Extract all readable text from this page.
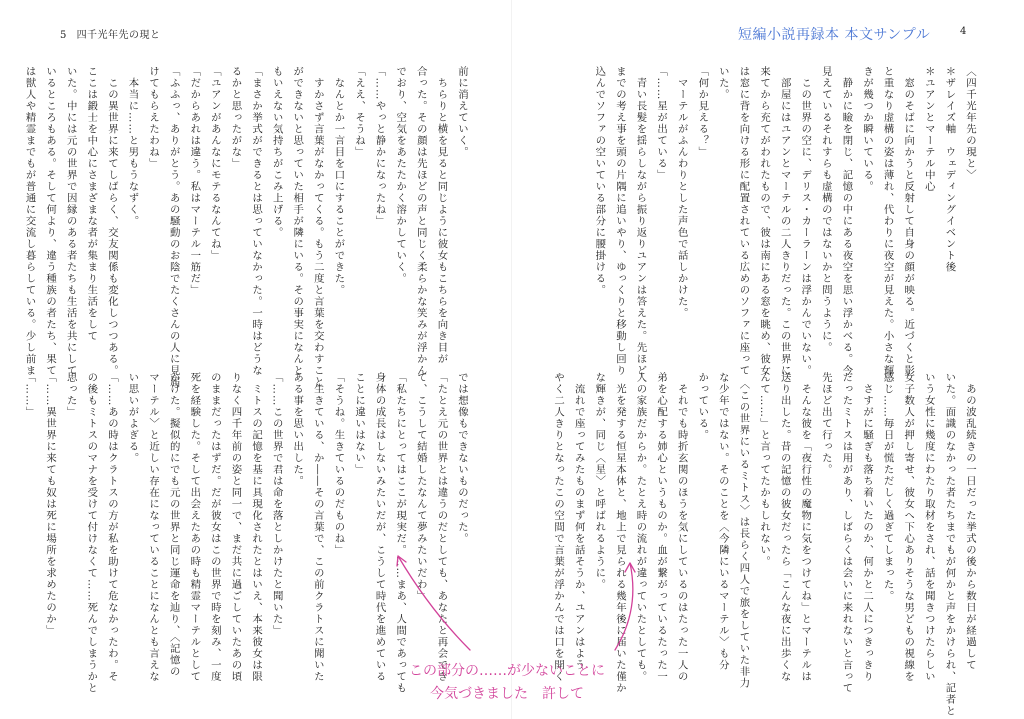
5 四千光年先の現と	短編小説再録本 本文サンプル	4
前に消えていく。
　ちらりと横を見ると同じように彼女もこちらを向き目が
合った。その顔は先ほどの声と同じく柔らかな笑みが浮かん
でおり、空気をあたたかく溶かしていく。
「……やっと静かになったね」
「ええ、そうね」
　なんとか一言目を口にすることができた。
　すかさず言葉がなかってくる。もう二度と言葉を交わすこと
ができないと思っていた相手が隣にいる。その事実になんと
もいえない気持ちがこみ上げる。
「まさか挙式ができるとは思っていなかった。一時はどうな
るかと思ったがな」
「ユアンがあんなにモテるなんてね」
「だからあれは違う。私はマーテル一筋だ」
「ふふっ、ありがとう。あの騒動のお陰でたくさんの人に見届
けてもらえたわね」
　本当に……と男もうなずく。
　この異世界に来てしばらく、交友関係も変化しつつある。
ここは鍛士を中心にさまざまな者が集まり生活をして
いた。中には元の世界で因縁のある者たちも生活を共にして
いるところもある。そして何より、違う種族の者たち、果て
は獣人や精霊までもが普通に交流し暮らしている。少し前ま
では想像もできないものだった。
「たとえ元の世界とは違うのだとしても、あなたと再会でき
て、こうして結婚したなんて夢みたいだわ」
「私たちにとってはここが現実だ。……まあ、人間であっても
身体の成長はしないみたいだが、こうして時代を進めている
ことに違いはない」
「そうね。生きているのだものね」
　生きている、か――その言葉で、この前クラトスに聞いた
ある事を思い出した。
「……この世界で君は命を落としかけたと聞いた」
　ミトスの記憶を基に具現化されたとはいえ、本来彼女は限
りなく四千年前の姿と同一で、まだ共に過ごしていたあの頃
のままだったはずだ。だが彼女はこの世界で時を刻み、一度
死を経験した。そして出会えたあの時も精霊マーテルとして
かけた。擬似的にでも元の世界と同じ運命を辿り、〈記憶の
マーテル〉と近しい存在になっていることになんとも言えな
い思いがよぎる。
「……あの時はクラトスの方が私を助けて危なかったわ。そ
の後もミトスのマナを受けて付けなくて……死んでしまうかと
思った」
「……異世界に来ても奴は死に場所を求めたのか」
「……」
〈四千光年先の現と〉
＊ザレイズ軸　ウェディングイベント後
＊ユアンとマーテル中心
　窓のそばに向かうと反射して自身の顔が映る。近づくと影
と重なり虚構の姿は薄れ、代わりに夜空が見えた。小さな輝
きが幾つか瞬いている。
　静かに瞼を閉じ、記憶の中にある夜空を思い浮かべる。今
見えているそれすらも虚構のではないかと問うように。
　この世界の空に、デリス・カーラーンは浮かんでいない。
　部屋にはユアンとマーテルの二人きりだった。この世界に
来てから充てがわれたもので、彼は南にある窓を眺め、彼女
は窓に背を向ける形に配置されている広めのソファに座って
いた。
「何か見える？」
　マーテルがふんわりとした声色で話しかけた。
「……星が出ている」
　青い長髪を揺らしながら振り返りユアンは答えた。先ほど
までの考え事を頭の片隅に追いやり、ゆっくりと移動し回り
込んでソファの空いている部分に腰掛ける。
　あの波乱続きの一日だった挙式の後から数日が経過して
いた。面識のなかった者たちまでもが何かと声をかけられ、記者と
いう女性に幾度にわたり取材をされ、話を聞きつけたらしい
女子数人が押し寄せ、彼女へ下心ありそうな男どもの視線を
感じ……毎日が慌ただしく過ぎてしまった。
　さすがに騒ぎも落ち着いたのか、何かと二人につきっきり
だったミトスは用があり、しばらくは会いに来れないと言って
先ほど出て行った。
　そんな彼を「夜行性の魔物に気をつけてね」とマーテルは
送り出した。昔の記憶の彼女だったら「こんな夜に出歩くな
んて……」と言ってたかもしれない。
　〈この世界にいるミトス〉は長らく四人で旅をしていた非力
な少年ではない。そのことを〈今隣にいるマーテル〉も分
かっている。
　それでも時折玄関のほうを気にしているのはたった一人の
弟を心配する姉心というものか。血が繋がっているたった一
人の家族だからか。たとえ時の流れが違っていたとしても。
　光を発する恒星本体と、地上で見られる幾年後に届いた僅か
な輝きが、同じ〈星〉と呼ばれるように。
　流れで座ってみたものまず何を話そうか、ユアンはよう
やく二人きりとなったこの空間で言葉が浮かんでは口を開く
この部分の……が少ないことに
今気づきました　許して
